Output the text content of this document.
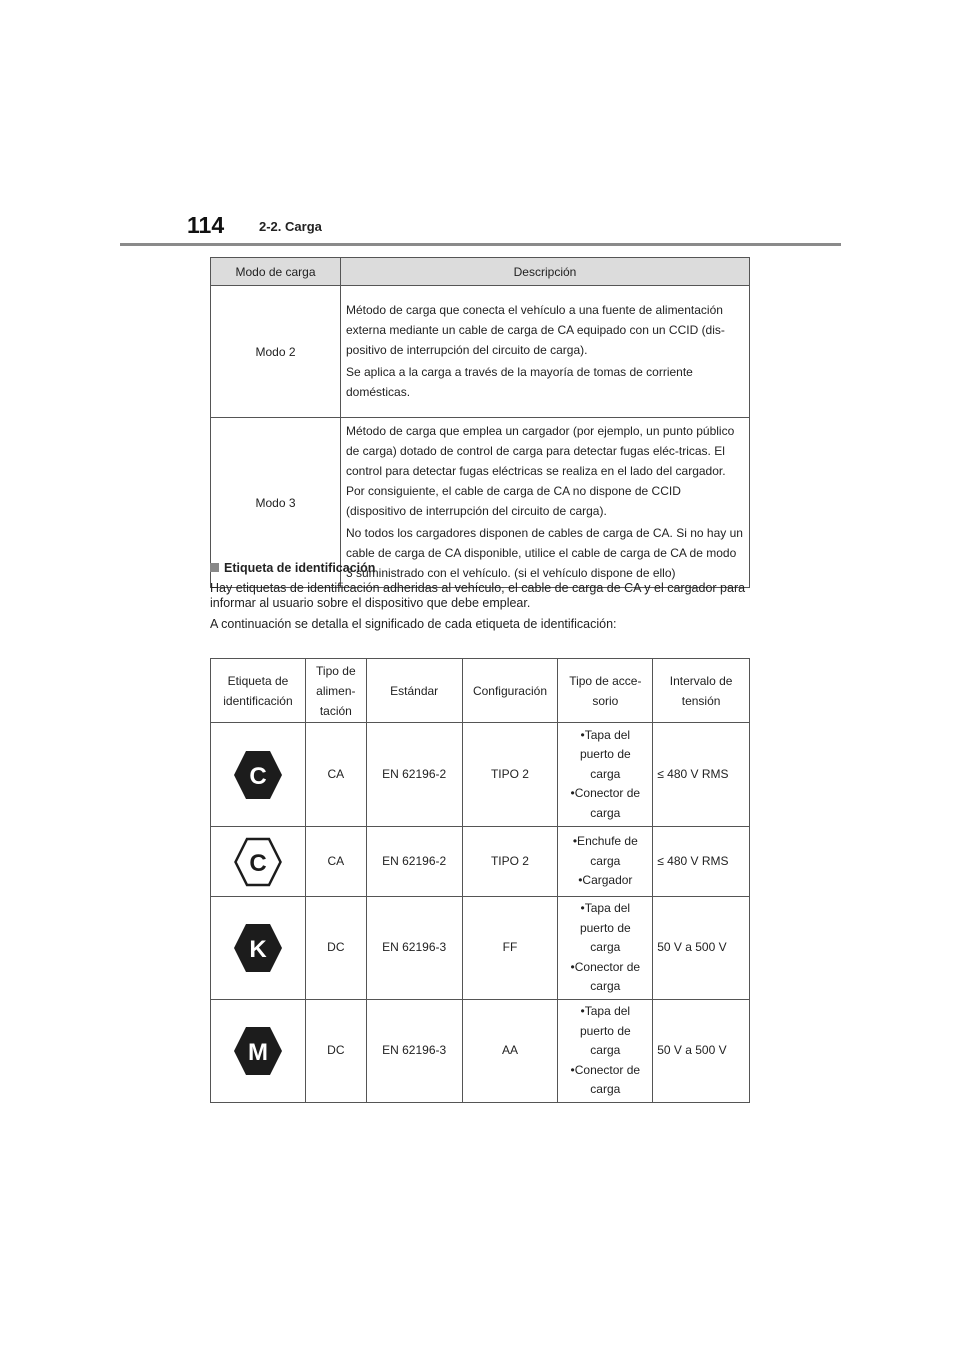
114	2-2. Carga
Modo de carga	Descripción
Modo 2	Método de carga que conecta el vehículo a una fuente de alimentación externa mediante un cable de carga de CA equipado con un CCID (dis-positivo de interrupción del circuito de carga).

Se aplica a la carga a través de la mayoría de tomas de corriente domésticas.

Modo 3	Método de carga que emplea un cargador (por ejemplo, un punto público de carga) dotado de control de carga para detectar fugas eléc-tricas. El control para detectar fugas eléctricas se realiza en el lado del cargador. Por consiguiente, el cable de carga de CA no dispone de CCID (dispositivo de interrupción del circuito de carga).

No todos los cargadores disponen de cables de carga de CA. Si no hay un cable de carga de CA disponible, utilice el cable de carga de CA de modo 3 suministrado con el vehículo. (si el vehículo dispone de ello)

Etiqueta de identificación

Hay etiquetas de identificación adheridas al vehículo, el cable de carga de CA y el cargador para informar al usuario sobre el dispositivo que debe emplear.

A continuación se detalla el significado de cada etiqueta de identificación:

Etiqueta de
identificación	Tipo de
alimen-
tación	Estándar	Configuración	Tipo de acce-
sorio	Intervalo de
tensión

C	CA	EN 62196-2	TIPO 2	•Tapa del
puerto de
carga
•Conector de
carga	≤ 480 V RMS

C	CA	EN 62196-2	TIPO 2	•Enchufe de
carga
•Cargador	≤ 480 V RMS

K	DC	EN 62196-3	FF	•Tapa del
puerto de
carga
•Conector de
carga	50 V a 500 V

M	DC	EN 62196-3	AA	•Tapa del
puerto de
carga
•Conector de
carga	50 V a 500 V
